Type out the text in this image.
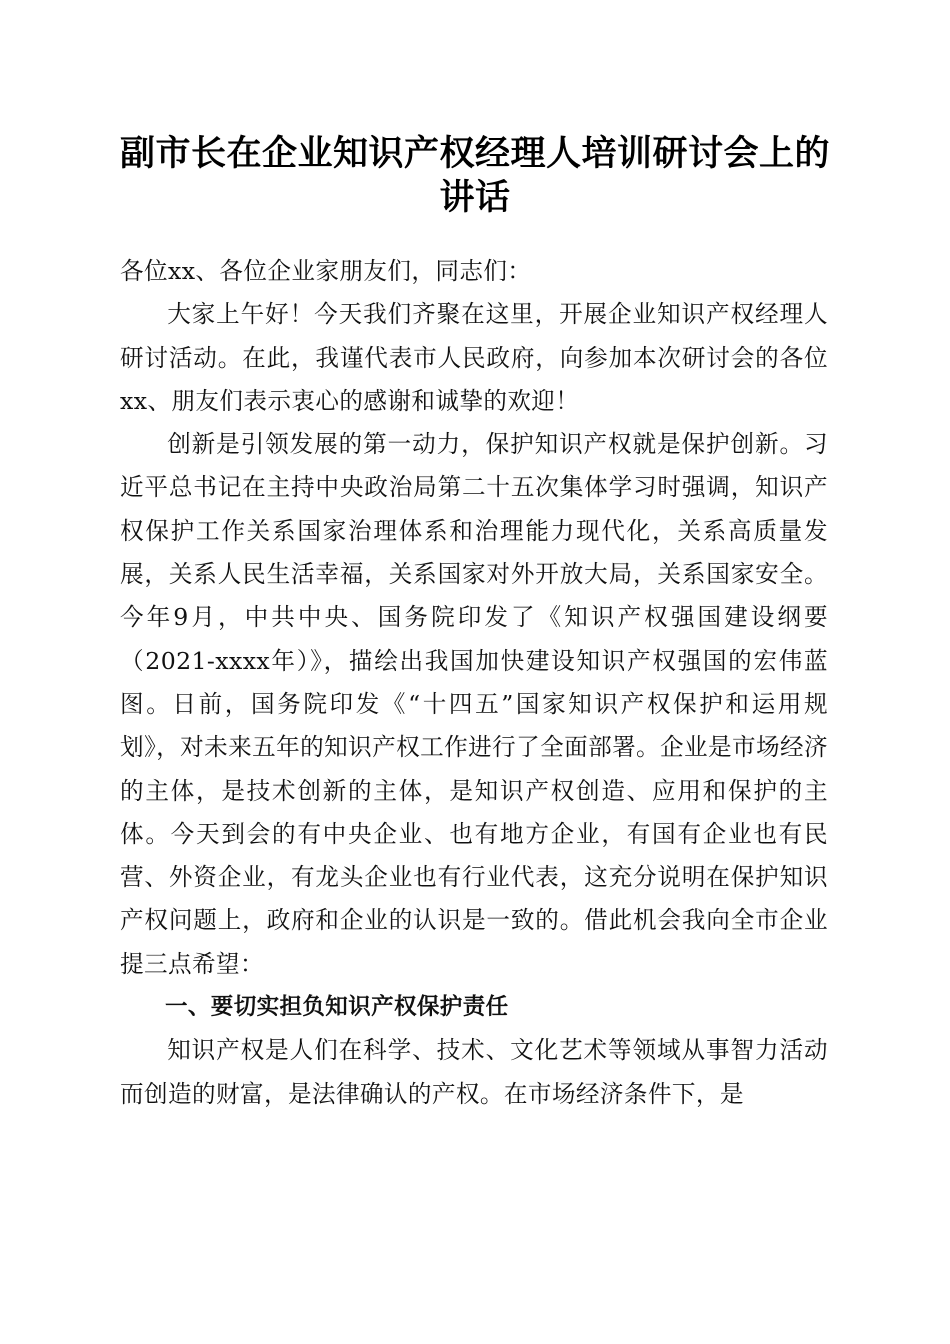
副市长在企业知识产权经理人培训研讨会上的讲话

各位xx、各位企业家朋友们，同志们：

大家上午好！今天我们齐聚在这里，开展企业知识产权经理人研讨活动。在此，我谨代表市人民政府，向参加本次研讨会的各位xx、朋友们表示衷心的感谢和诚挚的欢迎！

创新是引领发展的第一动力，保护知识产权就是保护创新。习近平总书记在主持中央政治局第二十五次集体学习时强调，知识产权保护工作关系国家治理体系和治理能力现代化，关系高质量发展，关系人民生活幸福，关系国家对外开放大局，关系国家安全。今年9月，中共中央、国务院印发了《知识产权强国建设纲要（2021-xxxx年）》，描绘出我国加快建设知识产权强国的宏伟蓝图。日前，国务院印发《“十四五”国家知识产权保护和运用规划》，对未来五年的知识产权工作进行了全面部署。企业是市场经济的主体，是技术创新的主体，是知识产权创造、应用和保护的主体。今天到会的有中央企业、也有地方企业，有国有企业也有民营、外资企业，有龙头企业也有行业代表，这充分说明在保护知识产权问题上，政府和企业的认识是一致的。借此机会我向全市企业提三点希望：

一、要切实担负知识产权保护责任

知识产权是人们在科学、技术、文化艺术等领域从事智力活动而创造的财富，是法律确认的产权。在市场经济条件下，是
